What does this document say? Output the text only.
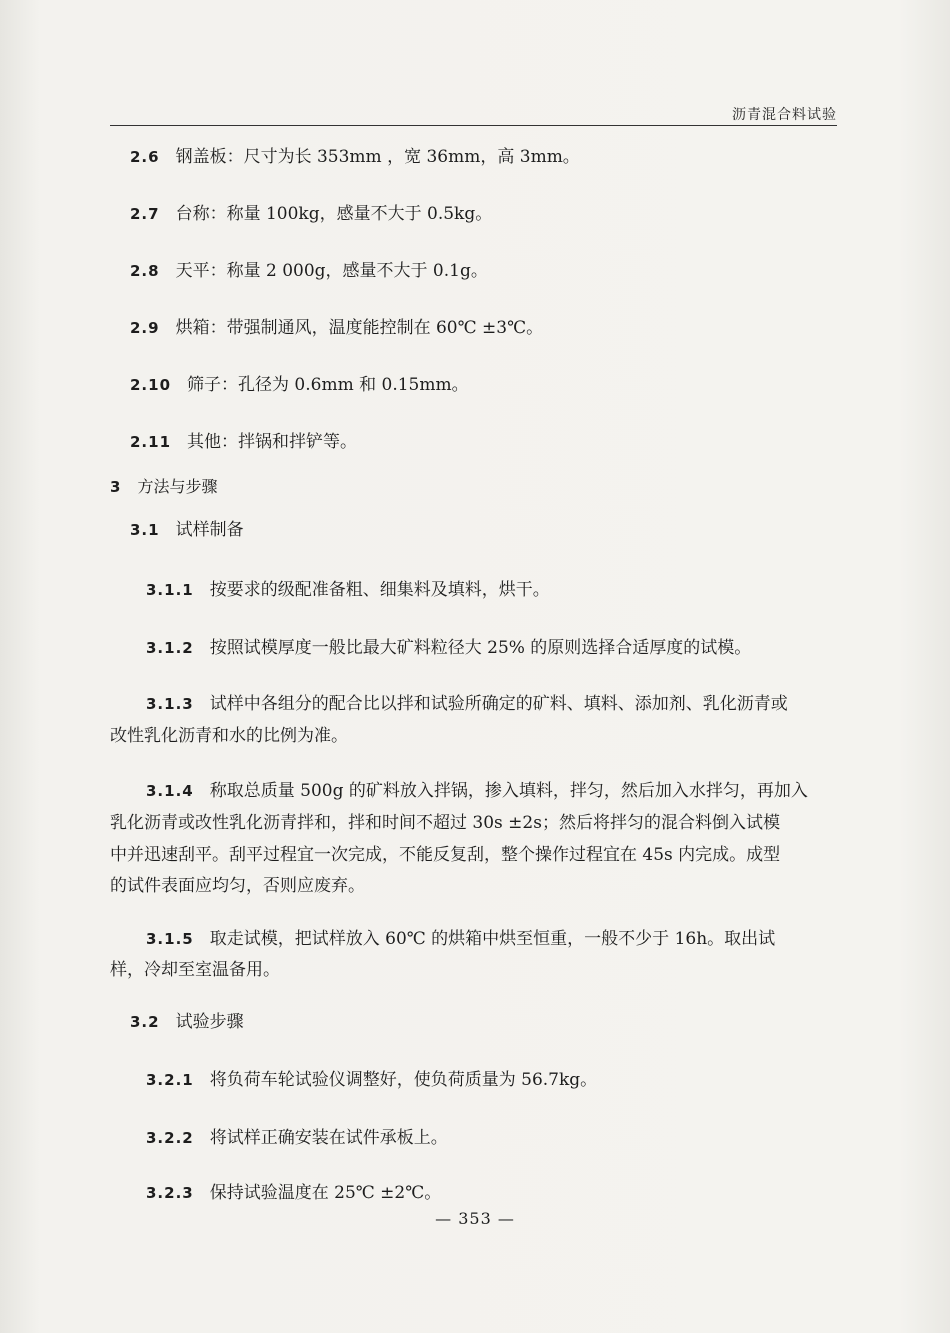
沥青混合料试验
2.6 钢盖板：尺寸为长 353mm ，宽 36mm，高 3mm。
2.7 台称：称量 100kg，感量不大于 0.5kg。
2.8 天平：称量 2 000g，感量不大于 0.1g。
2.9 烘箱：带强制通风，温度能控制在 60℃ ±3℃。
2.10 筛子：孔径为 0.6mm 和 0.15mm。
2.11 其他：拌锅和拌铲等。
3 方法与步骤
3.1 试样制备
3.1.1 按要求的级配准备粗、细集料及填料，烘干。
3.1.2 按照试模厚度一般比最大矿料粒径大 25% 的原则选择合适厚度的试模。
3.1.3 试样中各组分的配合比以拌和试验所确定的矿料、填料、添加剂、乳化沥青或
改性乳化沥青和水的比例为准。
3.1.4 称取总质量 500g 的矿料放入拌锅，掺入填料，拌匀，然后加入水拌匀，再加入
乳化沥青或改性乳化沥青拌和，拌和时间不超过 30s ±2s；然后将拌匀的混合料倒入试模
中并迅速刮平。刮平过程宜一次完成，不能反复刮，整个操作过程宜在 45s 内完成。成型
的试件表面应均匀，否则应废弃。
3.1.5 取走试模，把试样放入 60℃ 的烘箱中烘至恒重，一般不少于 16h。取出试
样，冷却至室温备用。
3.2 试验步骤
3.2.1 将负荷车轮试验仪调整好，使负荷质量为 56.7kg。
3.2.2 将试样正确安装在试件承板上。
3.2.3 保持试验温度在 25℃ ±2℃。
— 353 —
